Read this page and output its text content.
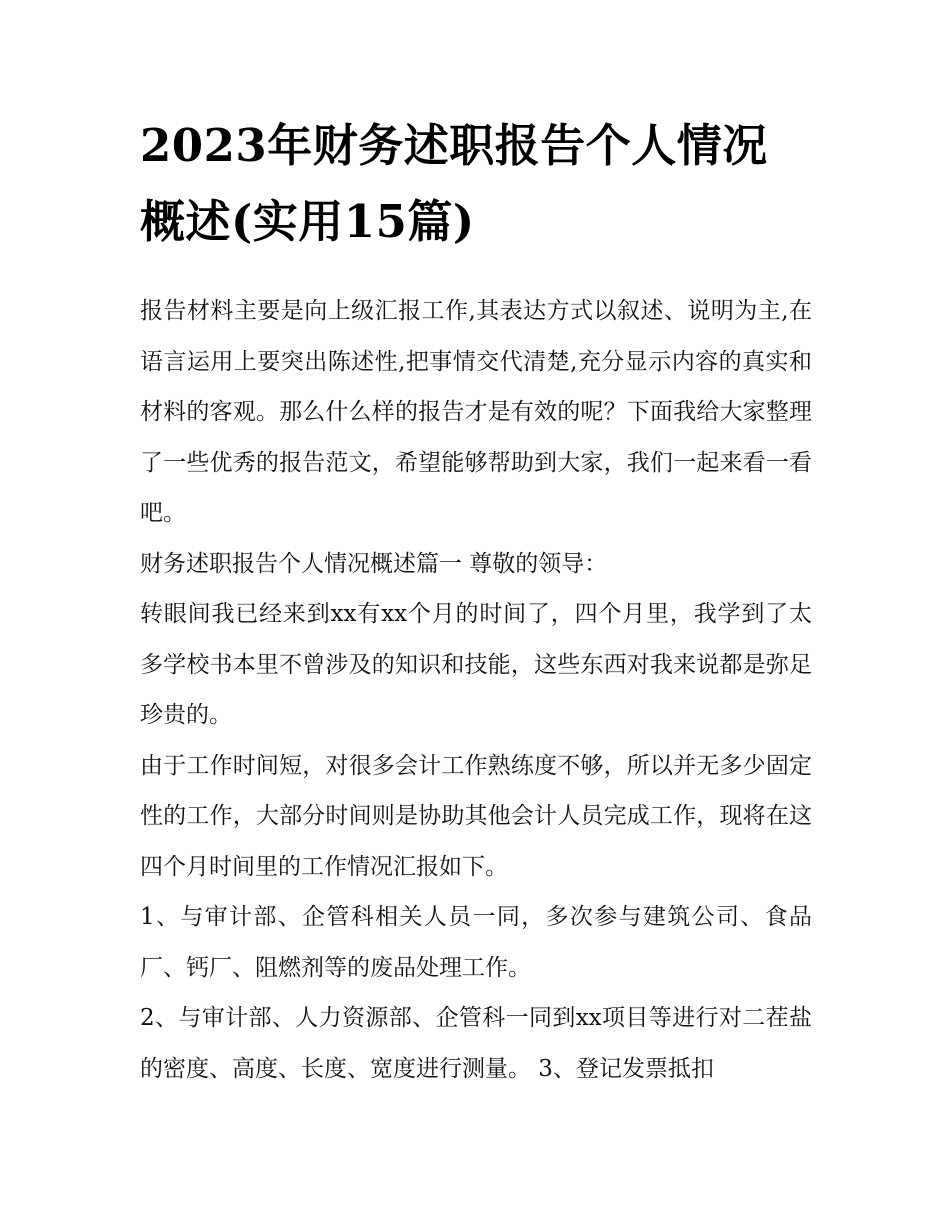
2023年财务述职报告个人情况
概述(实用15篇)

报告材料主要是向上级汇报工作,其表达方式以叙述、说明为主,在语言运用上要突出陈述性,把事情交代清楚,充分显示内容的真实和材料的客观。那么什么样的报告才是有效的呢？下面我给大家整理了一些优秀的报告范文，希望能够帮助到大家，我们一起来看一看吧。

财务述职报告个人情况概述篇一 尊敬的领导：

转眼间我已经来到xx有xx个月的时间了，四个月里，我学到了太多学校书本里不曾涉及的知识和技能，这些东西对我来说都是弥足珍贵的。

由于工作时间短，对很多会计工作熟练度不够，所以并无多少固定性的工作，大部分时间则是协助其他会计人员完成工作，现将在这四个月时间里的工作情况汇报如下。

1、与审计部、企管科相关人员一同，多次参与建筑公司、食品厂、钙厂、阻燃剂等的废品处理工作。

2、与审计部、人力资源部、企管科一同到xx项目等进行对二茬盐的密度、高度、长度、宽度进行测量。 3、登记发票抵扣
